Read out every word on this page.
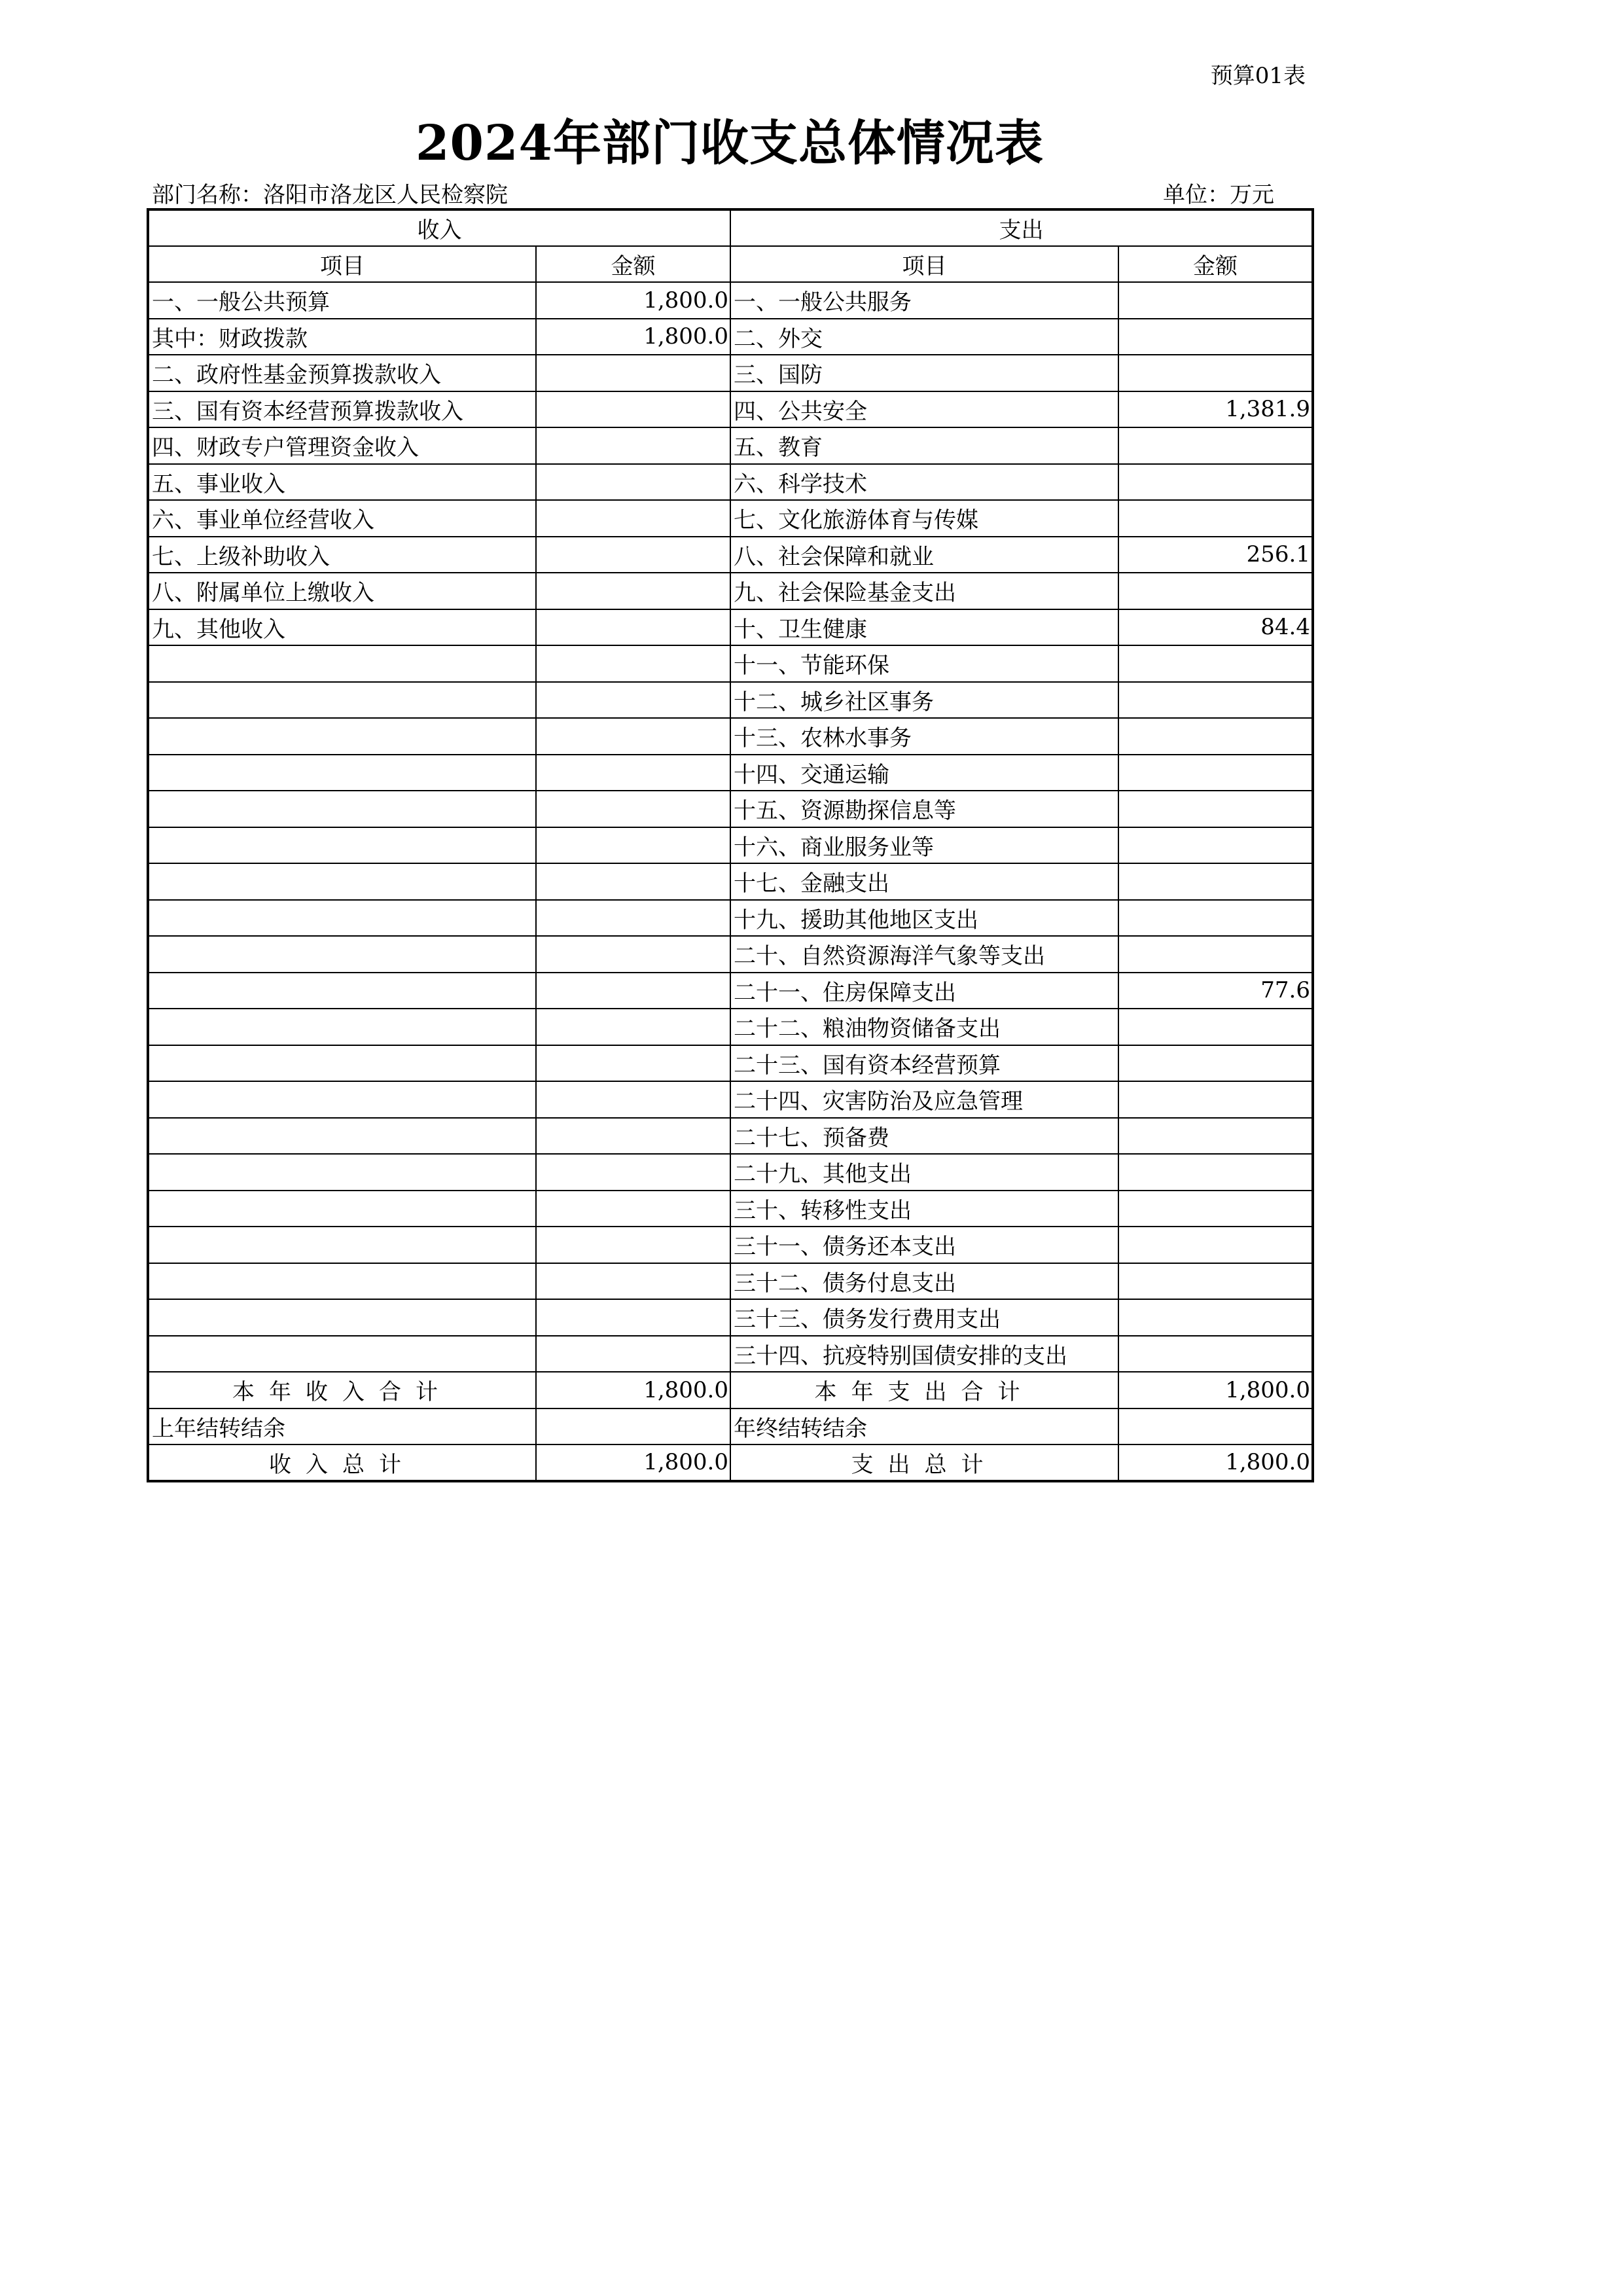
预算01表
2024年部门收支总体情况表
部门名称：洛阳市洛龙区人民检察院	单位：万元
收入		支出	
项目	金额	项目	金额
一、一般公共预算	1,800.0	一、一般公共服务	
其中：财政拨款	1,800.0	二、外交	
二、政府性基金预算拨款收入		三、国防	
三、国有资本经营预算拨款收入		四、公共安全	1,381.9
四、财政专户管理资金收入		五、教育	
五、事业收入		六、科学技术	
六、事业单位经营收入		七、文化旅游体育与传媒	
七、上级补助收入		八、社会保障和就业	256.1
八、附属单位上缴收入		九、社会保险基金支出	
九、其他收入		十、卫生健康	84.4
		十一、节能环保	
		十二、城乡社区事务	
		十三、农林水事务	
		十四、交通运输	
		十五、资源勘探信息等	
		十六、商业服务业等	
		十七、金融支出	
		十九、援助其他地区支出	
		二十、自然资源海洋气象等支出	
		二十一、住房保障支出	77.6
		二十二、粮油物资储备支出	
		二十三、国有资本经营预算	
		二十四、灾害防治及应急管理	
		二十七、预备费	
		二十九、其他支出	
		三十、转移性支出	
		三十一、债务还本支出	
		三十二、债务付息支出	
		三十三、债务发行费用支出	
		三十四、抗疫特别国债安排的支出	
本年收入合计	1,800.0	本年支出合计	1,800.0
上年结转结余		年终结转结余	
收入总计	1,800.0	支出总计	1,800.0
